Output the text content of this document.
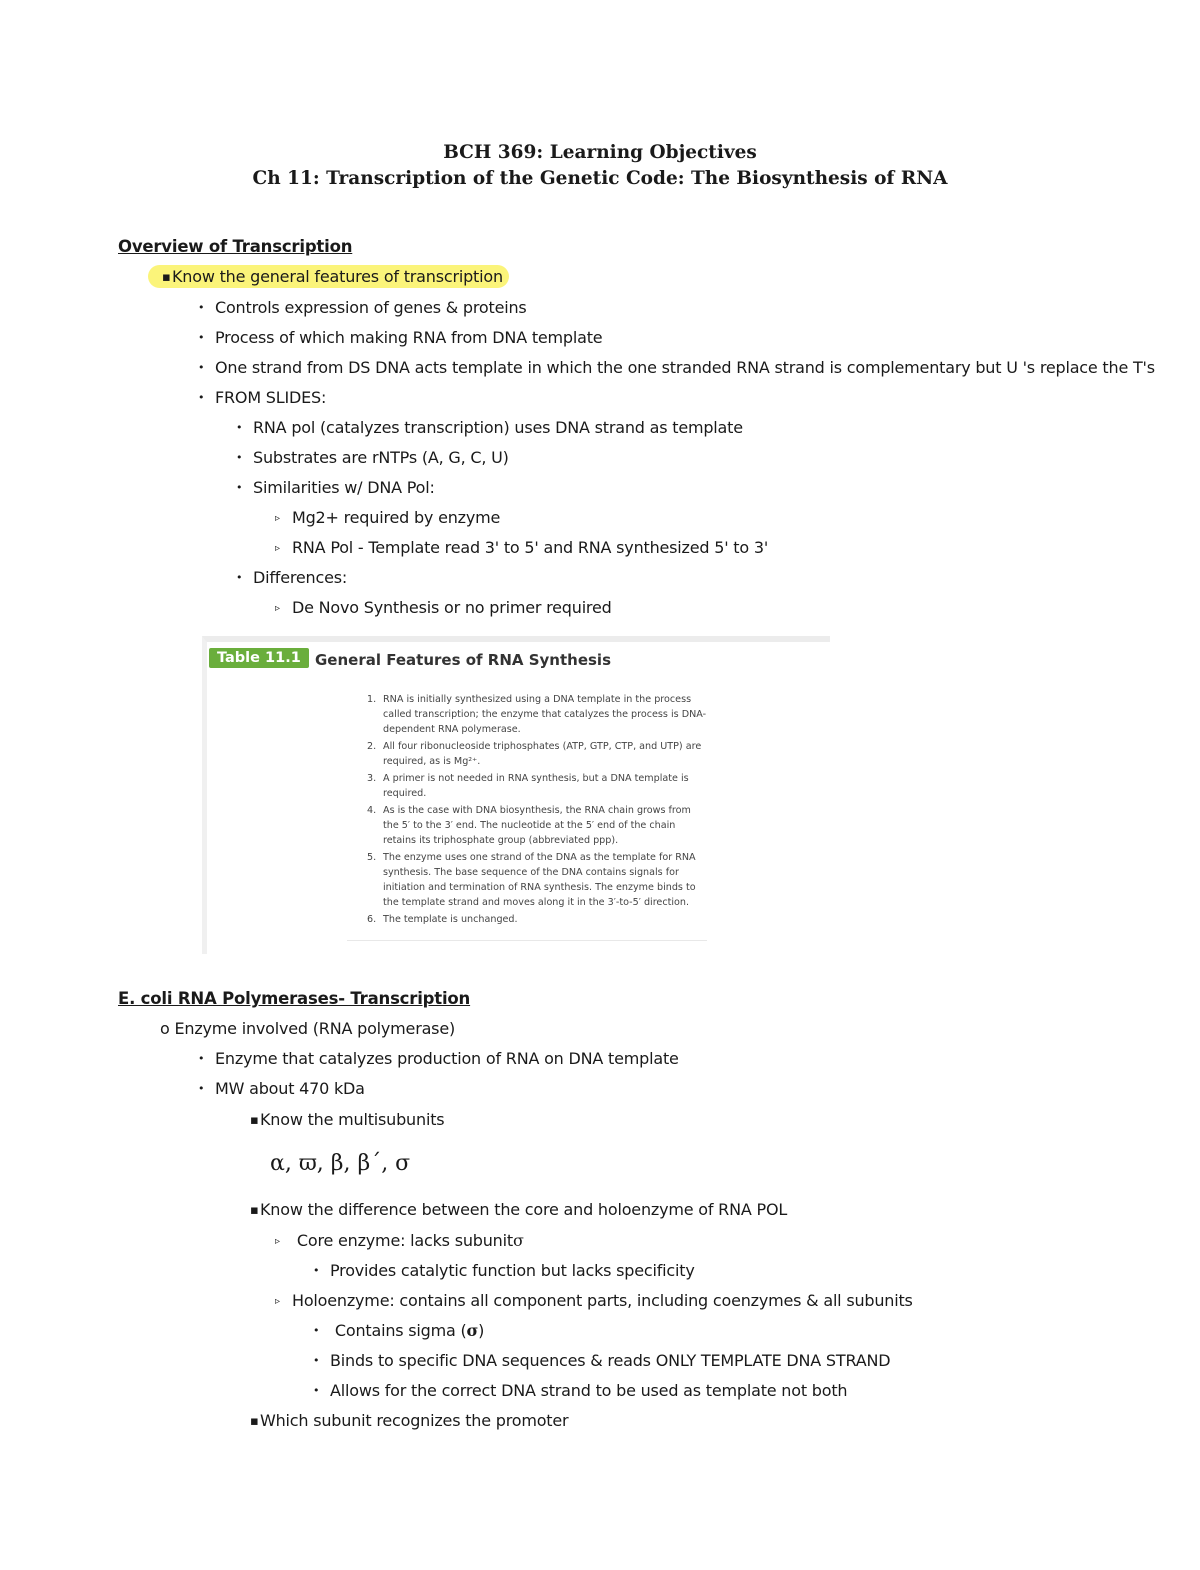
BCH 369: Learning Objectives
Ch 11: Transcription of the Genetic Code: The Biosynthesis of RNA
Overview of Transcription
▪ Know the general features of transcription
• Controls expression of genes & proteins
• Process of which making RNA from DNA template
• One strand from DS DNA acts template in which the one stranded RNA strand is complementary but U 's replace the T's
• FROM SLIDES:
• RNA pol (catalyzes transcription) uses DNA strand as template
• Substrates are rNTPs (A, G, C, U)
• Similarities w/ DNA Pol:
▹ Mg2+ required by enzyme
▹ RNA Pol - Template read 3' to 5' and RNA synthesized 5' to 3'
• Differences:
▹ De Novo Synthesis or no primer required
Table 11.1 General Features of RNA Synthesis
1. RNA is initially synthesized using a DNA template in the process called transcription; the enzyme that catalyzes the process is DNA-dependent RNA polymerase.
2. All four ribonucleoside triphosphates (ATP, GTP, CTP, and UTP) are required, as is Mg²⁺.
3. A primer is not needed in RNA synthesis, but a DNA template is required.
4. As is the case with DNA biosynthesis, the RNA chain grows from the 5′ to the 3′ end. The nucleotide at the 5′ end of the chain retains its triphosphate group (abbreviated ppp).
5. The enzyme uses one strand of the DNA as the template for RNA synthesis. The base sequence of the DNA contains signals for initiation and termination of RNA synthesis. The enzyme binds to the template strand and moves along it in the 3′-to-5′ direction.
6. The template is unchanged.
E. coli RNA Polymerases- Transcription
o Enzyme involved (RNA polymerase)
• Enzyme that catalyzes production of RNA on DNA template
• MW about 470 kDa
▪ Know the multisubunits
α, ϖ, β, β΄, σ
▪ Know the difference between the core and holoenzyme of RNA POL
▹ Core enzyme: lacks subunitσ
• Provides catalytic function but lacks specificity
▹ Holoenzyme: contains all component parts, including coenzymes & all subunits
• Contains sigma (σ)
• Binds to specific DNA sequences & reads ONLY TEMPLATE DNA STRAND
• Allows for the correct DNA strand to be used as template not both
▪ Which subunit recognizes the promoter
